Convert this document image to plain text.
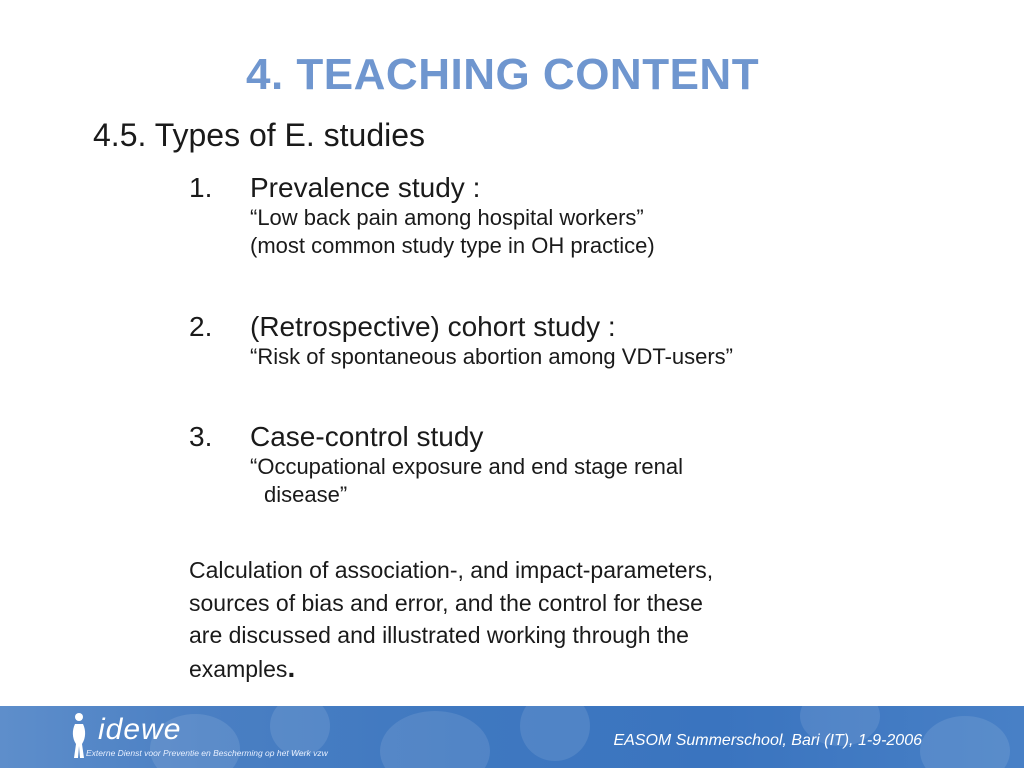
4. TEACHING CONTENT
4.5. Types of E. studies
1. Prevalence study :
“Low back pain among hospital workers”
(most common study type in OH practice)
2. (Retrospective) cohort study :
“Risk of spontaneous abortion among VDT-users”
3. Case-control study
“Occupational exposure and end stage renal
disease”
Calculation of association-, and impact-parameters,
sources of bias and error, and the control for these
are discussed and illustrated working through the
examples.
idewe
Externe Dienst voor Preventie en Bescherming op het Werk vzw
EASOM Summerschool, Bari (IT), 1-9-2006
